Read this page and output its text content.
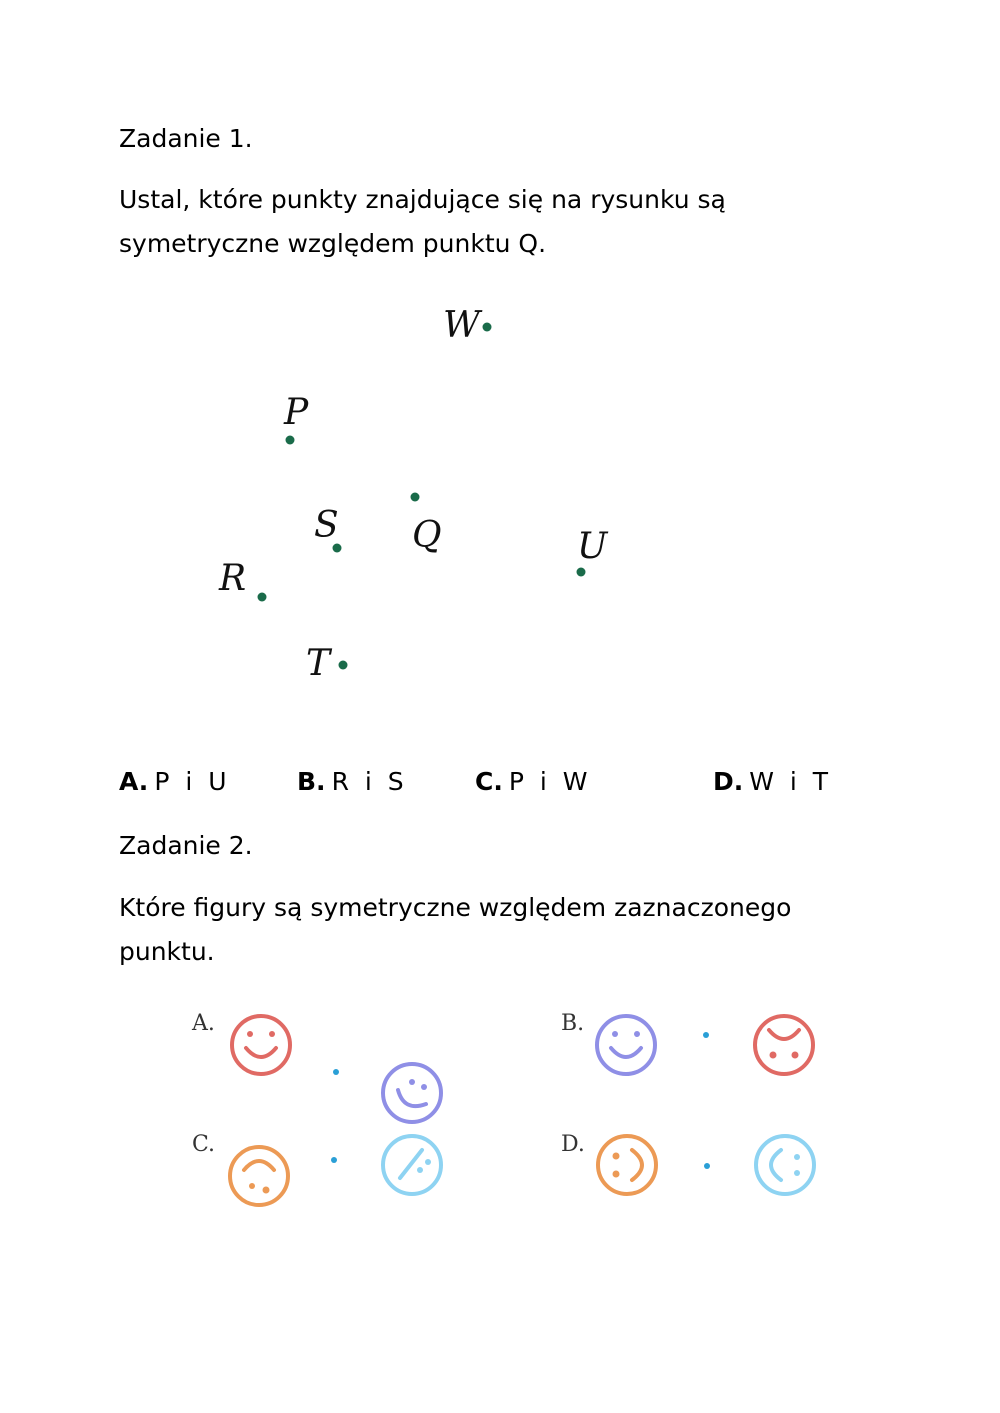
Zadanie 1.
Ustal, które punkty znajdujące się na rysunku są symetryczne względem punktu Q.
W
P
S Q	U
R
T
A.	B.
C.	D.
A. P i U	B. R i S	C. P i W	D. W i T
Zadanie 2.
Które figury są symetryczne względem zaznaczonego punktu.
